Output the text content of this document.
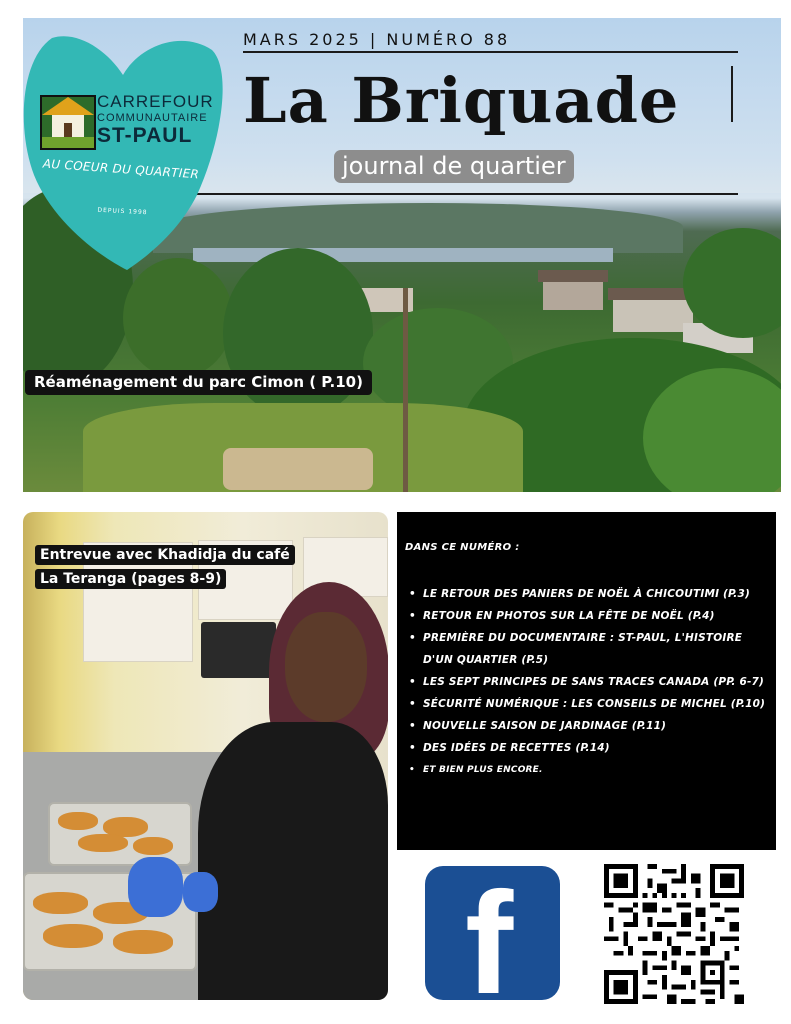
MARS 2025 | NUMÉRO 88
La Briquade
journal de quartier
CARREFOUR
COMMUNAUTAIRE
ST-PAUL
AU COEUR DU QUARTIER
DEPUIS 1998
Réaménagement du parc Cimon ( P.10)
Entrevue avec Khadidja du café
La Teranga (pages 8-9)
DANS CE NUMÉRO :
• LE RETOUR DES PANIERS DE NOËL À CHICOUTIMI (P.3)
• RETOUR EN PHOTOS SUR LA FÊTE DE NOËL (P.4)
• PREMIÈRE DU DOCUMENTAIRE : ST-PAUL, L'HISTOIRE D'UN QUARTIER (P.5)
• LES SEPT PRINCIPES DE SANS TRACES CANADA (PP. 6-7)
• SÉCURITÉ NUMÉRIQUE : LES CONSEILS DE MICHEL (P.10)
• NOUVELLE SAISON DE JARDINAGE (P.11)
• DES IDÉES DE RECETTES (P.14)
• ET BIEN PLUS ENCORE.
f
